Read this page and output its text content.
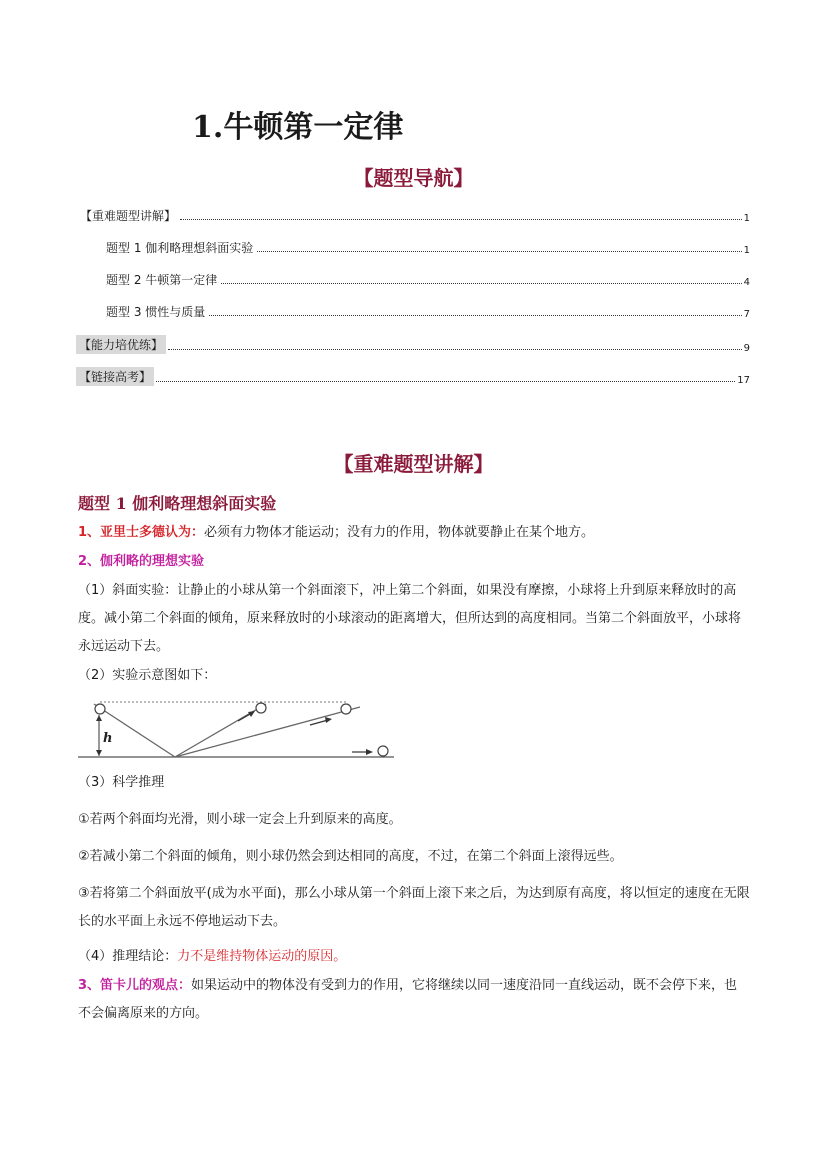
1.牛顿第一定律
【题型导航】
【重难题型讲解】	1
题型 1 伽利略理想斜面实验	1
题型 2 牛顿第一定律	4
题型 3 惯性与质量	7
【能力培优练】	9
【链接高考】	17
【重难题型讲解】
题型 1 伽利略理想斜面实验
1、亚里士多德认为：必须有力物体才能运动；没有力的作用，物体就要静止在某个地方。
2、伽利略的理想实验
（1）斜面实验：让静止的小球从第一个斜面滚下，冲上第二个斜面，如果没有摩擦，小球将上升到原来释放时的高度。减小第二个斜面的倾角，原来释放时的小球滚动的距离增大，但所达到的高度相同。当第二个斜面放平，小球将永远运动下去。
（2）实验示意图如下：
h
（3）科学推理
①若两个斜面均光滑，则小球一定会上升到原来的高度。
②若减小第二个斜面的倾角，则小球仍然会到达相同的高度，不过，在第二个斜面上滚得远些。
③若将第二个斜面放平(成为水平面)，那么小球从第一个斜面上滚下来之后，为达到原有高度，将以恒定的速度在无限长的水平面上永远不停地运动下去。
（4）推理结论：力不是维持物体运动的原因。
3、笛卡儿的观点：如果运动中的物体没有受到力的作用，它将继续以同一速度沿同一直线运动，既不会停下来，也不会偏离原来的方向。
